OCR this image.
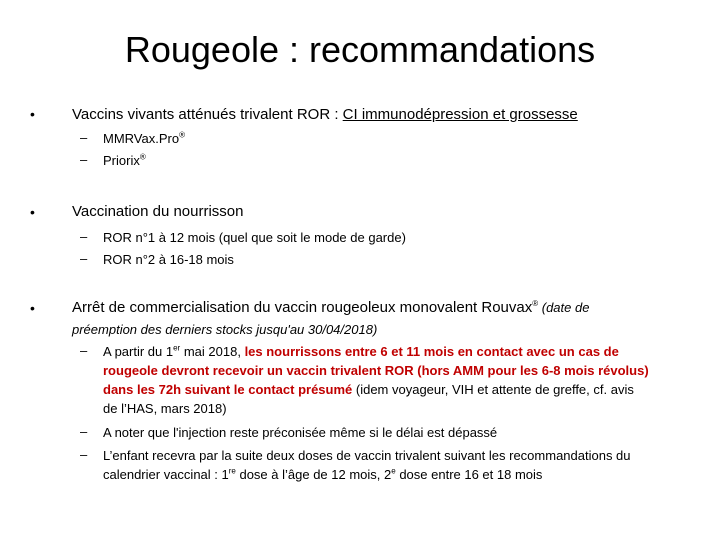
Rougeole : recommandations
• Vaccins vivants atténués trivalent ROR : CI immunodépression et grossesse
– MMRVax.Pro®
– Priorix®
• Vaccination du nourrisson
– ROR n°1 à 12 mois (quel que soit le mode de garde)
– ROR n°2 à 16-18 mois
• Arrêt de commercialisation du vaccin rougeoleux monovalent Rouvax® (date de
préemption des derniers stocks jusqu'au 30/04/2018)
– A partir du 1er mai 2018, les nourrissons entre 6 et 11 mois en contact avec un cas de
rougeole devront recevoir un vaccin trivalent ROR (hors AMM pour les 6-8 mois révolus)
dans les 72h suivant le contact présumé (idem voyageur, VIH et attente de greffe, cf. avis
de l’HAS, mars 2018)
– A noter que l'injection reste préconisée même si le délai est dépassé
– L’enfant recevra par la suite deux doses de vaccin trivalent suivant les recommandations du
calendrier vaccinal : 1re dose à l’âge de 12 mois, 2e dose entre 16 et 18 mois
